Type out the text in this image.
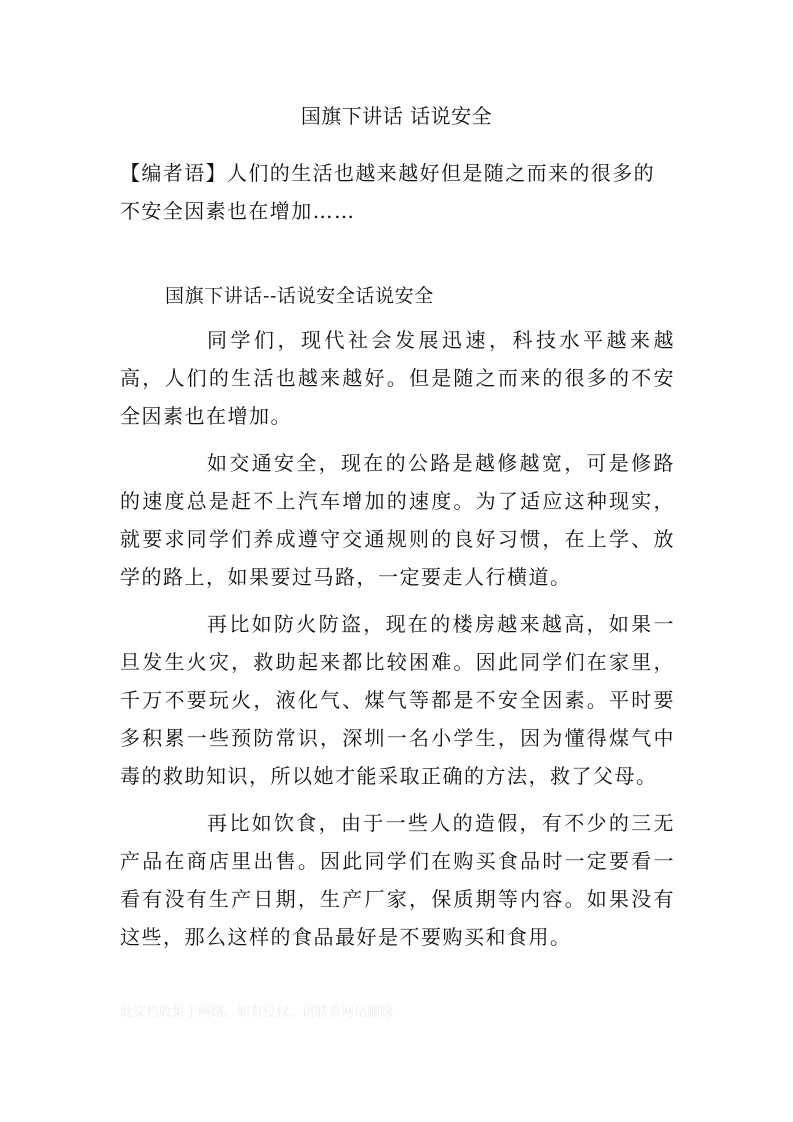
国旗下讲话 话说安全
【编者语】人们的生活也越来越好但是随之而来的很多的不安全因素也在增加……
国旗下讲话--话说安全话说安全

同学们，现代社会发展迅速，科技水平越来越高，人们的生活也越来越好。但是随之而来的很多的不安全因素也在增加。

如交通安全，现在的公路是越修越宽，可是修路的速度总是赶不上汽车增加的速度。为了适应这种现实，就要求同学们养成遵守交通规则的良好习惯，在上学、放学的路上，如果要过马路，一定要走人行横道。

再比如防火防盗，现在的楼房越来越高，如果一旦发生火灾，救助起来都比较困难。因此同学们在家里，千万不要玩火，液化气、煤气等都是不安全因素。平时要多积累一些预防常识，深圳一名小学生，因为懂得煤气中毒的救助知识，所以她才能采取正确的方法，救了父母。

再比如饮食，由于一些人的造假，有不少的三无产品在商店里出售。因此同学们在购买食品时一定要看一看有没有生产日期，生产厂家，保质期等内容。如果没有这些，那么这样的食品最好是不要购买和食用。

此文档收集于网络，如有侵权，请联系网站删除
